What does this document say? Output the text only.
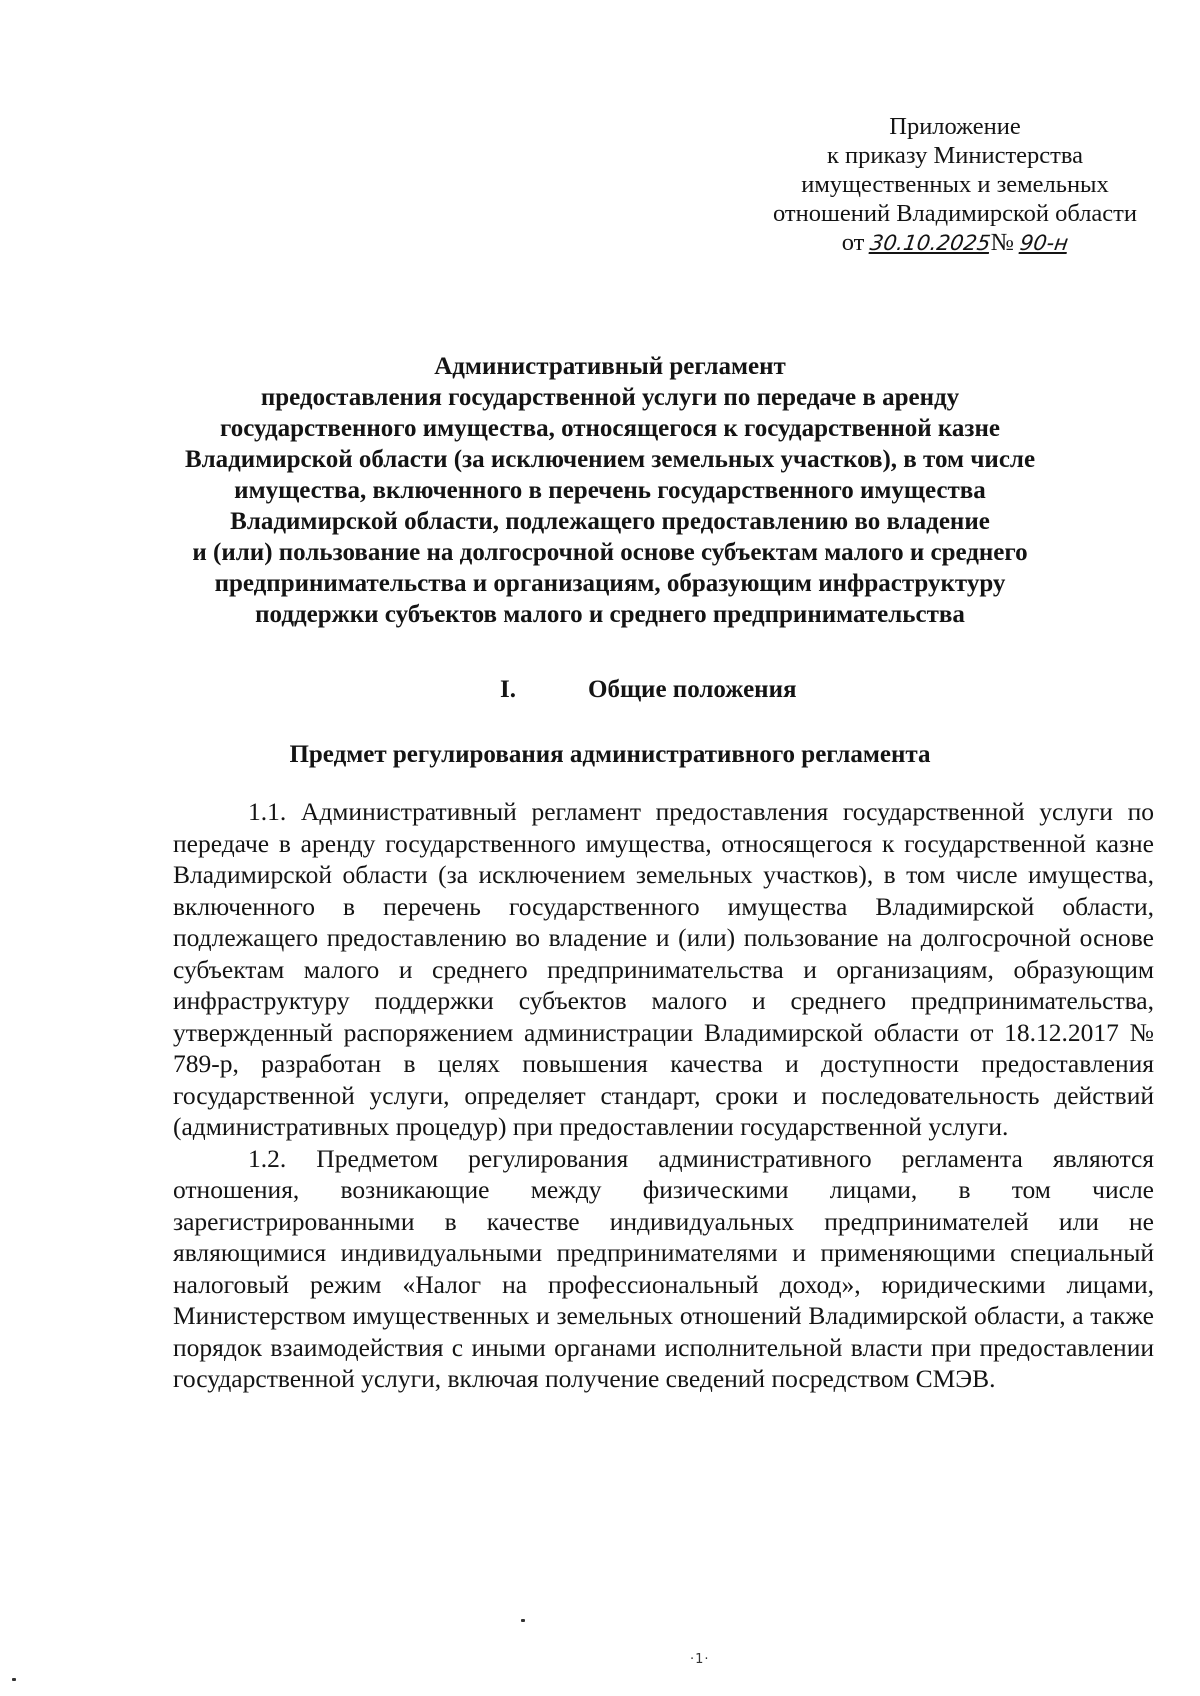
Приложение
к приказу Министерства
имущественных и земельных
отношений Владимирской области
от 30.10.2025№ 90-н
Административный регламент
предоставления государственной услуги по передаче в аренду
государственного имущества, относящегося к государственной казне
Владимирской области (за исключением земельных участков), в том числе
имущества, включенного в перечень государственного имущества
Владимирской области, подлежащего предоставлению во владение
и (или) пользование на долгосрочной основе субъектам малого и среднего
предпринимательства и организациям, образующим инфраструктуру
поддержки субъектов малого и среднего предпринимательства
I.	Общие положения
Предмет регулирования административного регламента

1.1. Административный регламент предоставления государственной услуги по передаче в аренду государственного имущества, относящегося к государственной казне Владимирской области (за исключением земельных участков), в том числе имущества, включенного в перечень государственного имущества Владимирской области, подлежащего предоставлению во владение и (или) пользование на долгосрочной основе субъектам малого и среднего предпринимательства и организациям, образующим инфраструктуру поддержки субъектов малого и среднего предпринимательства, утвержденный распоряжением администрации Владимирской области от 18.12.2017 № 789-р, разработан в целях повышения качества и доступности предоставления государственной услуги, определяет стандарт, сроки и последовательность действий (административных процедур) при предоставлении государственной услуги.

1.2. Предметом регулирования административного регламента являются отношения, возникающие между физическими лицами, в том числе зарегистрированными в качестве индивидуальных предпринимателей или не являющимися индивидуальными предпринимателями и применяющими специальный налоговый режим «Налог на профессиональный доход», юридическими лицами, Министерством имущественных и земельных отношений Владимирской области, а также порядок взаимодействия с иными органами исполнительной власти при предоставлении государственной услуги, включая получение сведений посредством СМЭВ.

·1·
